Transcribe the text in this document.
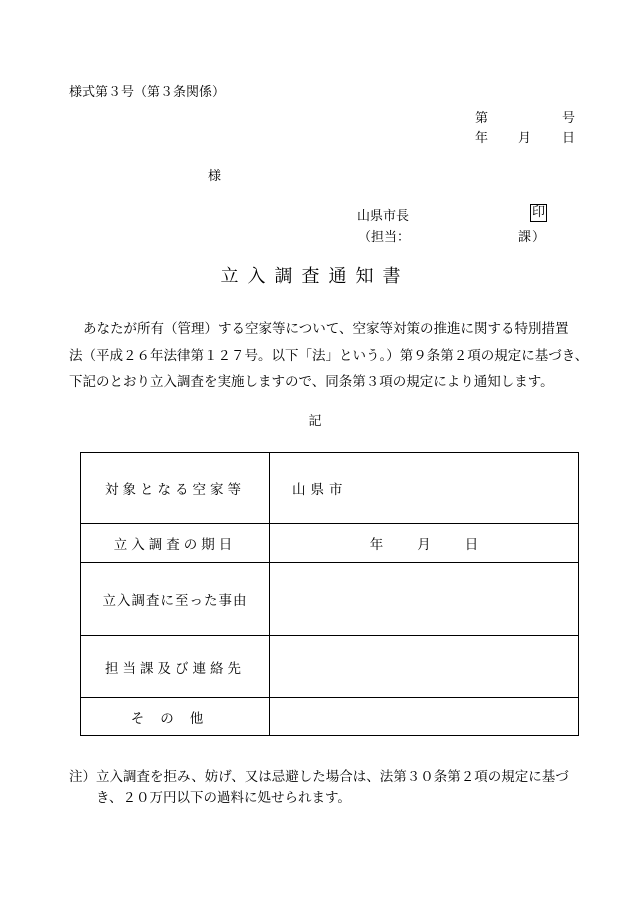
様式第３号（第３条関係）
第	号
年 月 日
様
山県市長	印
（ 担当：	課 ）
立入調査通知書
あなたが所有（管理）する空家等について、空家等対策の推進に関する特別措置
法（平成２６年法律第１２７号。以下「法」という。）第９条第２項の規定に基づき、
下記のとおり立入調査を実施しますので、同条第３項の規定により通知します。
記
対象となる空家等	山県市
立入調査の期日	年 月 日
立入調査に至った事由	
担当課及び連絡先	
その他	
注）立入調査を拒み、妨げ、又は忌避した場合は、法第３０条第２項の規定に基づ
き、２０万円以下の過料に処せられます。
